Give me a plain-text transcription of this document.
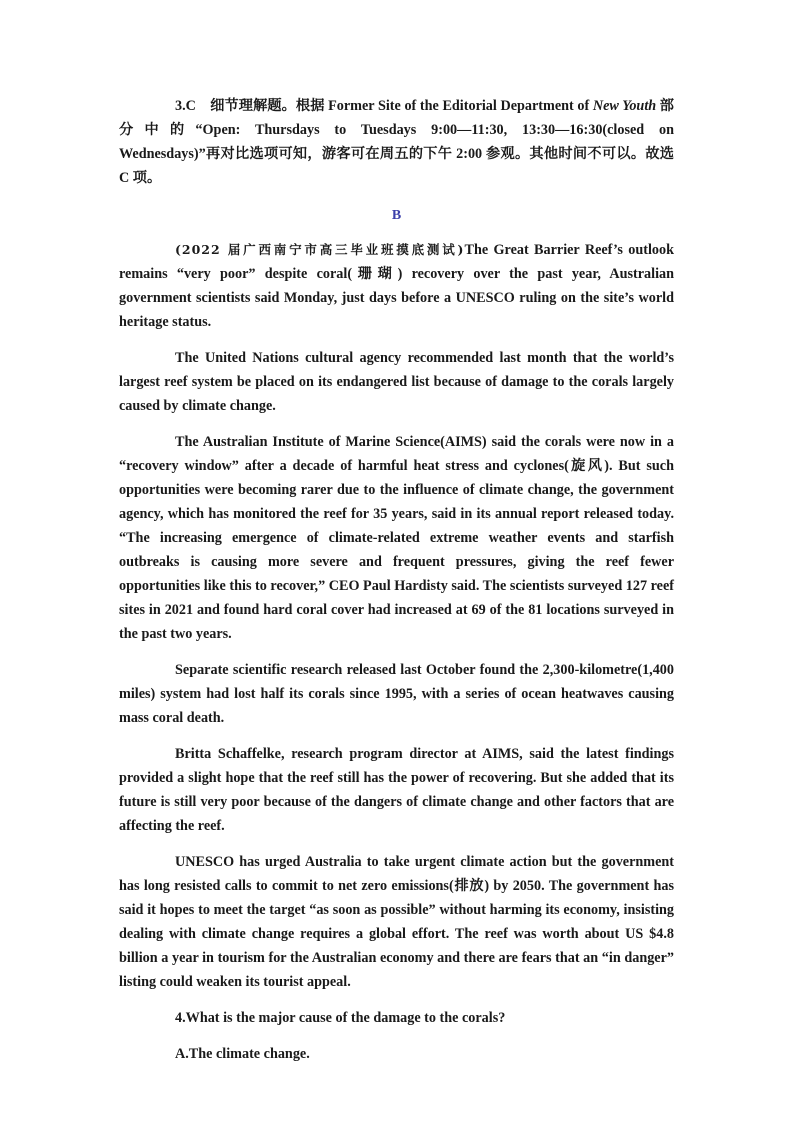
3.C　细节理解题。根据 Former Site of the Editorial Department of New Youth 部分中的“Open: Thursdays to Tuesdays 9:00—11:30, 13:30—16:30(closed on Wednesdays)”再对比选项可知，游客可在周五的下午 2:00 参观。其他时间不可以。故选 C 项。

B

(2022 届广西南宁市高三毕业班摸底测试)The Great Barrier Reef’s outlook remains “very poor” despite coral(珊瑚) recovery over the past year, Australian government scientists said Monday, just days before a UNESCO ruling on the site’s world heritage status.

The United Nations cultural agency recommended last month that the world’s largest reef system be placed on its endangered list because of damage to the corals largely caused by climate change.

The Australian Institute of Marine Science(AIMS) said the corals were now in a “recovery window” after a decade of harmful heat stress and cyclones(旋风). But such opportunities were becoming rarer due to the influence of climate change, the government agency, which has monitored the reef for 35 years, said in its annual report released today. “The increasing emergence of climate-related extreme weather events and starfish outbreaks is causing more severe and frequent pressures, giving the reef fewer opportunities like this to recover,” CEO Paul Hardisty said. The scientists surveyed 127 reef sites in 2021 and found hard coral cover had increased at 69 of the 81 locations surveyed in the past two years.

Separate scientific research released last October found the 2,300-kilometre(1,400 miles) system had lost half its corals since 1995, with a series of ocean heatwaves causing mass coral death.

Britta Schaffelke, research program director at AIMS, said the latest findings provided a slight hope that the reef still has the power of recovering. But she added that its future is still very poor because of the dangers of climate change and other factors that are affecting the reef.

UNESCO has urged Australia to take urgent climate action but the government has long resisted calls to commit to net zero emissions(排放) by 2050. The government has said it hopes to meet the target “as soon as possible” without harming its economy, insisting dealing with climate change requires a global effort. The reef was worth about US $4.8 billion a year in tourism for the Australian economy and there are fears that an “in danger” listing could weaken its tourist appeal.

4.What is the major cause of the damage to the corals?

A.The climate change.
